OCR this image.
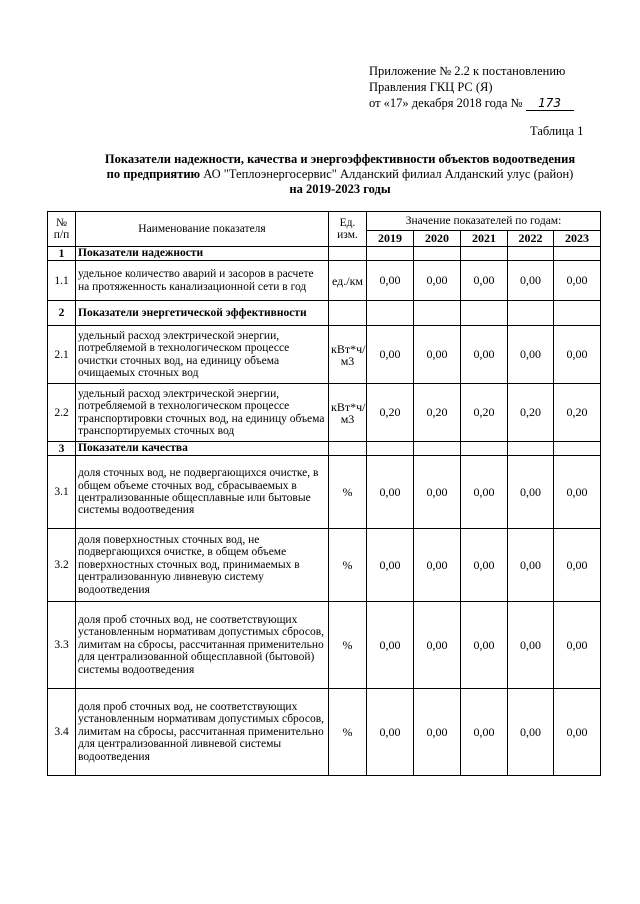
Приложение № 2.2 к постановлению
Правления ГКЦ РС (Я)
от «17» декабря 2018 года № 173
Таблица 1
Показатели надежности, качества и энергоэффективности объектов водоотведения
по предприятию АО "Теплоэнергосервис" Алданский филиал Алданский улус (район)
на 2019-2023 годы
№ п/п	Наименование показателя	Ед. изм.	Значение показателей по годам:				
			2019	2020	2021	2022	2023
1	Показатели надежности						
1.1	удельное количество аварий и засоров в расчете на протяженность канализационной сети в год	ед./км	0,00	0,00	0,00	0,00	0,00
2	Показатели энергетической эффективности						
2.1	удельный расход электрической энергии, потребляемой в технологическом процессе очистки сточных вод, на единицу объема очищаемых сточных вод	кВт*ч/м3	0,00	0,00	0,00	0,00	0,00
2.2	удельный расход электрической энергии, потребляемой в технологическом процессе транспортировки сточных вод, на единицу объема транспортируемых сточных вод	кВт*ч/м3	0,20	0,20	0,20	0,20	0,20
3	Показатели качества						
3.1	доля сточных вод, не подвергающихся очистке, в общем объеме сточных вод, сбрасываемых в централизованные общесплавные или бытовые системы водоотведения	%	0,00	0,00	0,00	0,00	0,00
3.2	доля поверхностных сточных вод, не подвергающихся очистке, в общем объеме поверхностных сточных вод, принимаемых в централизованную ливневую систему водоотведения	%	0,00	0,00	0,00	0,00	0,00
3.3	доля проб сточных вод, не соответствующих установленным нормативам допустимых сбросов, лимитам на сбросы, рассчитанная применительно для централизованной общесплавной (бытовой) системы водоотведения	%	0,00	0,00	0,00	0,00	0,00
3.4	доля проб сточных вод, не соответствующих установленным нормативам допустимых сбросов, лимитам на сбросы, рассчитанная применительно для централизованной ливневой системы водоотведения	%	0,00	0,00	0,00	0,00	0,00
